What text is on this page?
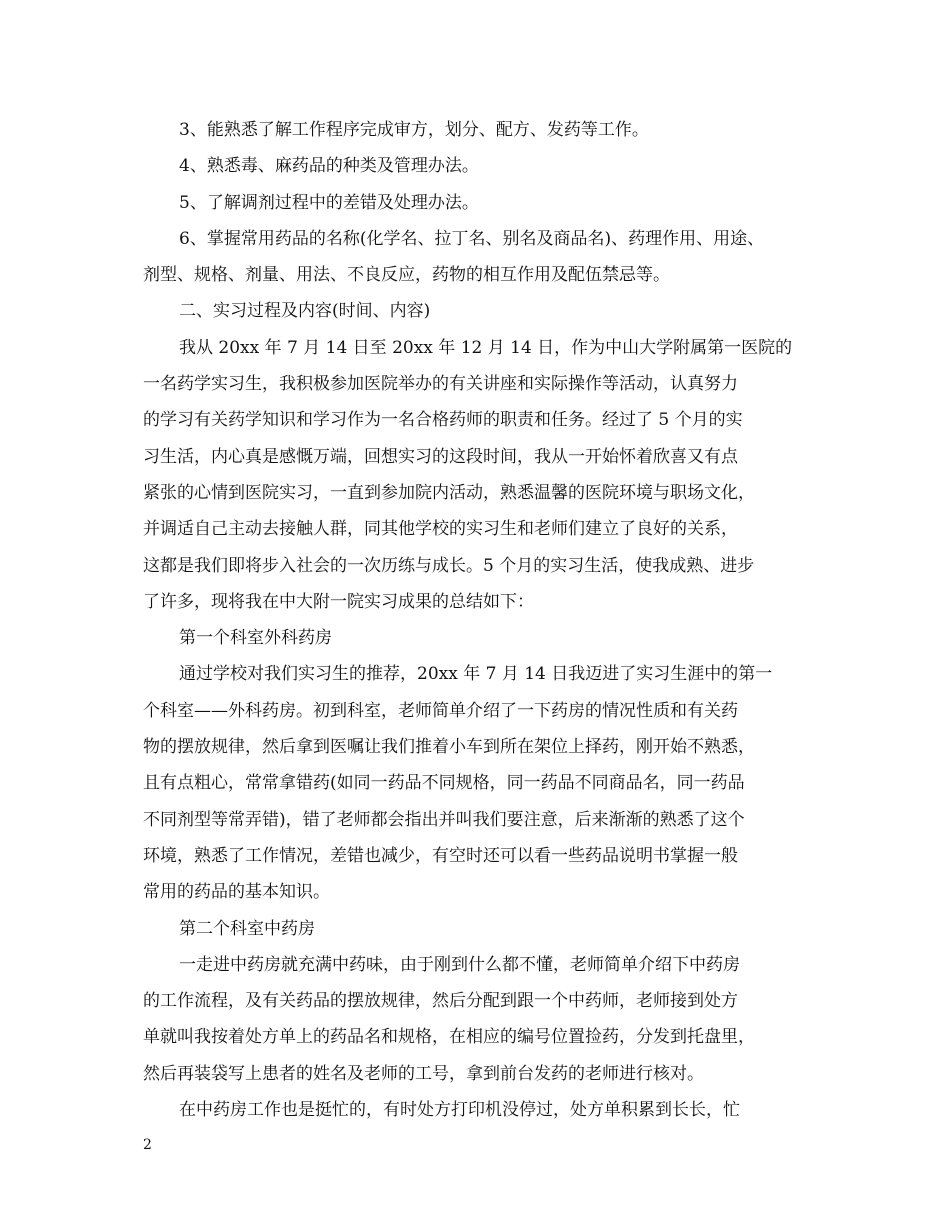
3、能熟悉了解工作程序完成审方，划分、配方、发药等工作。
4、熟悉毒、麻药品的种类及管理办法。
5、了解调剂过程中的差错及处理办法。
6、掌握常用药品的名称(化学名、拉丁名、别名及商品名)、药理作用、用途、
剂型、规格、剂量、用法、不良反应，药物的相互作用及配伍禁忌等。
二、实习过程及内容(时间、内容)
我从 20xx 年 7 月 14 日至 20xx 年 12 月 14 日，作为中山大学附属第一医院的
一名药学实习生，我积极参加医院举办的有关讲座和实际操作等活动，认真努力
的学习有关药学知识和学习作为一名合格药师的职责和任务。经过了 5 个月的实
习生活，内心真是感慨万端，回想实习的这段时间，我从一开始怀着欣喜又有点
紧张的心情到医院实习，一直到参加院内活动，熟悉温馨的医院环境与职场文化，
并调适自己主动去接触人群，同其他学校的实习生和老师们建立了良好的关系，
这都是我们即将步入社会的一次历练与成长。5 个月的实习生活，使我成熟、进步
了许多，现将我在中大附一院实习成果的总结如下：
第一个科室外科药房
通过学校对我们实习生的推荐，20xx 年 7 月 14 日我迈进了实习生涯中的第一
个科室——外科药房。初到科室，老师简单介绍了一下药房的情况性质和有关药
物的摆放规律，然后拿到医嘱让我们推着小车到所在架位上择药，刚开始不熟悉，
且有点粗心，常常拿错药(如同一药品不同规格，同一药品不同商品名，同一药品
不同剂型等常弄错)，错了老师都会指出并叫我们要注意，后来渐渐的熟悉了这个
环境，熟悉了工作情况，差错也减少，有空时还可以看一些药品说明书掌握一般
常用的药品的基本知识。
第二个科室中药房
一走进中药房就充满中药味，由于刚到什么都不懂，老师简单介绍下中药房
的工作流程，及有关药品的摆放规律，然后分配到跟一个中药师，老师接到处方
单就叫我按着处方单上的药品名和规格，在相应的编号位置捡药，分发到托盘里，
然后再装袋写上患者的姓名及老师的工号，拿到前台发药的老师进行核对。
在中药房工作也是挺忙的，有时处方打印机没停过，处方单积累到长长，忙
2
